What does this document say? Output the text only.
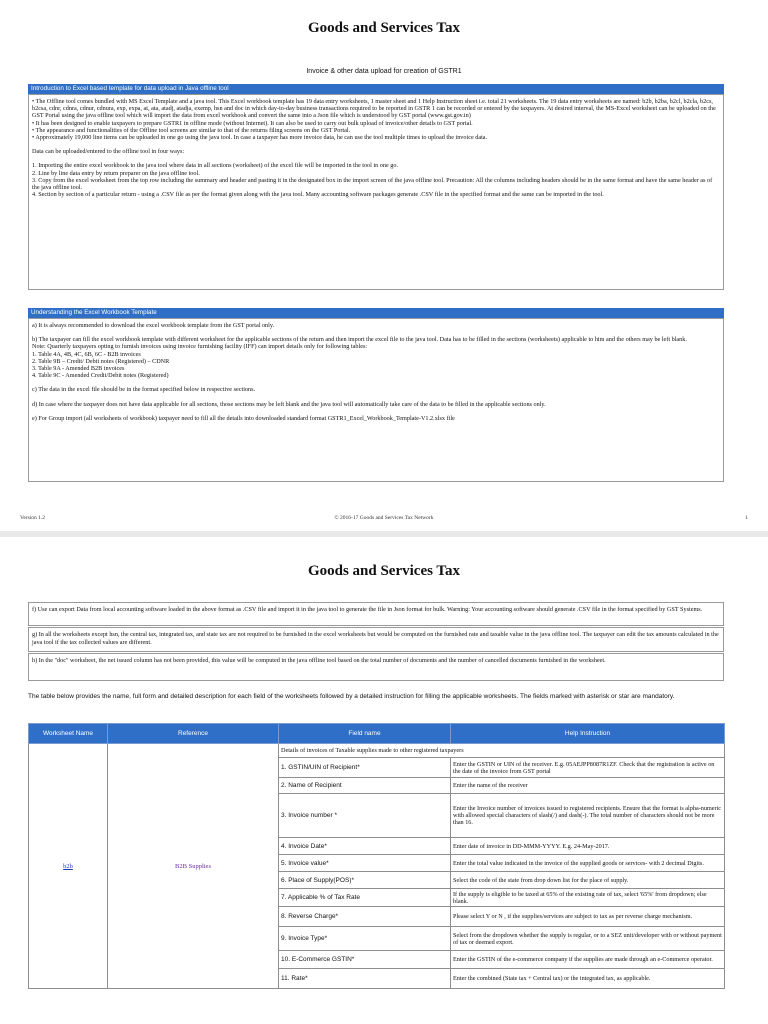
Goods and Services Tax
Invoice & other data upload for creation of GSTR1
Introduction to Excel based template for data upload in Java offline tool

• The Offline tool comes bundled with MS Excel Template and a java tool. This Excel workbook template has 19 data entry worksheets, 1 master sheet and 1 Help Instruction sheet i.e. total 21 worksheets. The 19 data entry worksheets are named: b2b, b2ba, b2cl, b2cla, b2cs, b2csa, cdnr, cdnra, cdnur, cdnura, exp, expa, at, ata, atadj, atadja, exemp, hsn and doc in which day-to-day business transactions required to be reported in GSTR 1 can be recorded or entered by the taxpayers. At desired interval, the MS-Excel worksheet can be uploaded on the GST Portal using the java offline tool which will import the data from excel workbook and convert the same into a Json file which is understood by GST portal (www.gst.gov.in)

• It has been designed to enable taxpayers to prepare GSTR1 in offline mode (without Internet). It can also be used to carry out bulk upload of invoice/other details to GST portal.

• The appearance and functionalities of the Offline tool screens are similar to that of the returns filing screens on the GST Portal.

• Approximately 19,000 line items can be uploaded in one go using the java tool. In case a taxpayer has more invoice data, he can use the tool multiple times to upload the invoice data.

Data can be uploaded/entered to the offline tool in four ways:

1. Importing the entire excel workbook to the java tool where data in all sections (worksheet) of the excel file will be imported in the tool in one go.

2. Line by line data entry by return preparer on the java offline tool.

3. Copy from the excel worksheet from the top row including the summary and header and pasting it in the designated box in the import screen of the java offline tool. Precaution: All the columns including headers should be in the same format and have the same header as of the java offline tool.

4. Section by section of a particular return - using a .CSV file as per the format given along with the java tool. Many accounting software packages generate .CSV file in the specified format and the same can be imported in the tool.

Understanding the Excel Workbook Template

a) It is always recommended to download the excel workbook template from the GST portal only.

b) The taxpayer can fill the excel workbook template with different worksheet for the applicable sections of the return and then import the excel file to the java tool. Data has to be filled in the sections (worksheets) applicable to him and the others may be left blank.

Note: Quarterly taxpayers opting to furnish invoices using invoice furnishing facility (IFF) can import details only for following tables:

1. Table 4A, 4B, 4C, 6B, 6C - B2B invoices

2. Table 9B – Credit/ Debit notes (Registered) – CDNR

3. Table 9A - Amended B2B invoices

4. Table 9C - Amended Credit/Debit notes (Registered)

c) The data in the excel file should be in the format specified below in respective sections.

d) In case where the taxpayer does not have data applicable for all sections, those sections may be left blank and the java tool will automatically take care of the data to be filled in the applicable sections only.

e) For Group import (all worksheets of workbook) taxpayer need to fill all the details into downloaded standard format GSTR1_Excel_Workbook_Template-V1.2.xlsx file

Version 1.2	© 2016-17 Goods and Services Tax Network	1
Goods and Services Tax
f) Use can export Data from local accounting software loaded in the above format as .CSV file and import it in the java tool to generate the file in Json format for bulk. Warning: Your accounting software should generate .CSV file in the format specified by GST Systems.
g) In all the worksheets except hsn, the central tax, integrated tax, and state tax are not required to be furnished in the excel worksheets but would be computed on the furnished rate and taxable value in the java offline tool. The taxpayer can edit the tax amounts calculated in the java tool if the tax collected values are different.
h) In the "doc" worksheet, the net issued column has not been provided, this value will be computed in the java offline tool based on the total number of documents and the number of cancelled documents furnished in the worksheet.
The table below provides the name, full form and detailed description for each field of the worksheets followed by a detailed instruction for filling the applicable worksheets. The fields marked with asterisk or star are mandatory.
Worksheet Name	Reference	Field name	Help Instruction
b2b	B2B Supplies	Details of invoices of Taxable supplies made to other registered taxpayers	
		1. GSTIN/UIN of Recipient*	Enter the GSTIN or UIN of the receiver. E.g. 05AEJPP8087R1ZF. Check that the registration is active on the date of the invoice from GST portal
		2. Name of Recipient	Enter the name of the receiver
		3. Invoice number *	Enter the Invoice number of invoices issued to registered recipients. Ensure that the format is alpha-numeric with allowed special characters of slash(/) and dash(-). The total number of characters should not be more than 16.
		4. Invoice Date*	Enter date of invoice in DD-MMM-YYYY. E.g. 24-May-2017.
		5. Invoice value*	Enter the total value indicated in the invoice of the supplied goods or services- with 2 decimal Digits.
		6. Place of Supply(POS)*	Select the code of the state from drop down list for the place of supply.
		7. Applicable % of Tax Rate	If the supply is eligible to be taxed at 65% of the existing rate of tax, select '65%' from dropdown; else blank.
		8. Reverse Charge*	Please select Y or N , if the supplies/services are subject to tax as per reverse charge mechanism.
		9. Invoice Type*	Select from the dropdown whether the supply is regular, or to a SEZ unit/developer with or without payment of tax or deemed export.
		10. E-Commerce GSTIN*	Enter the GSTIN of the e-commerce company if the supplies are made through an e-Commerce operator.
		11. Rate*	Enter the combined (State tax + Central tax) or the integrated tax, as applicable.
